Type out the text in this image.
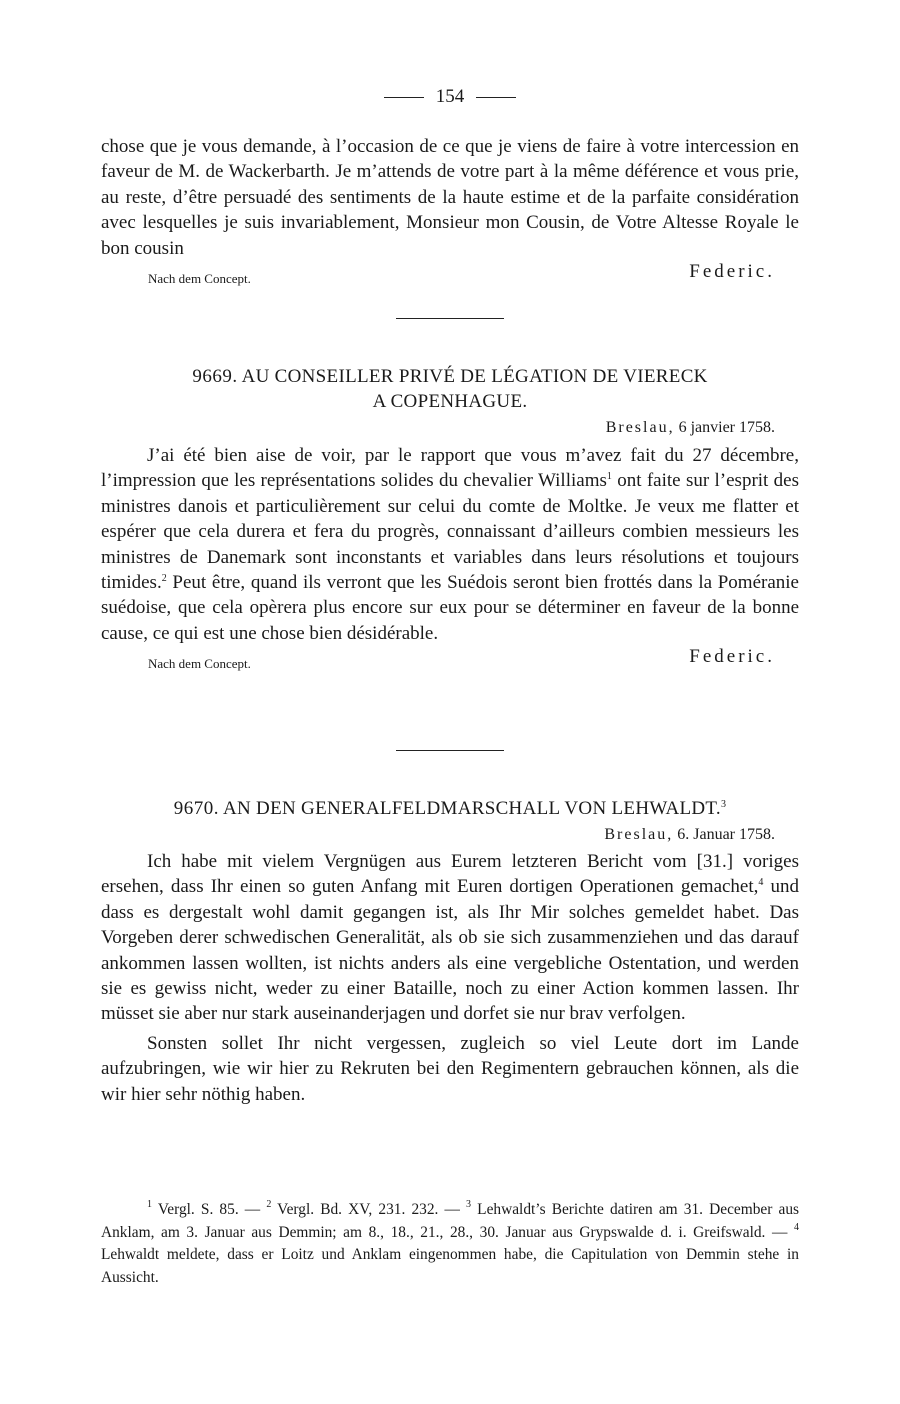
154

chose que je vous demande, à l’occasion de ce que je viens de faire à votre intercession en faveur de M. de Wackerbarth. Je m’attends de votre part à la même déférence et vous prie, au reste, d’être persuadé des sentiments de la haute estime et de la parfaite considération avec lesquelles je suis invariablement, Monsieur mon Cousin, de Votre Altesse Royale le bon cousin

Nach dem Concept.	Federic.
9669. AU CONSEILLER PRIVÉ DE LÉGATION DE VIERECK
A COPENHAGUE.
Breslau, 6 janvier 1758.

J’ai été bien aise de voir, par le rapport que vous m’avez fait du 27 décembre, l’impression que les représentations solides du chevalier Williams$^1$ ont faite sur l’esprit des ministres danois et particulièrement sur celui du comte de Moltke. Je veux me flatter et espérer que cela durera et fera du progrès, connaissant d’ailleurs combien messieurs les ministres de Danemark sont inconstants et variables dans leurs résolutions et toujours timides.$^2$ Peut être, quand ils verront que les Suédois seront bien frottés dans la Poméranie suédoise, que cela opèrera plus encore sur eux pour se déterminer en faveur de la bonne cause, ce qui est une chose bien désidérable.

Nach dem Concept.	Federic.
9670. AN DEN GENERALFELDMARSCHALL VON LEHWALDT.$^3$
Breslau, 6. Januar 1758.

Ich habe mit vielem Vergnügen aus Eurem letzteren Bericht vom [31.] voriges ersehen, dass Ihr einen so guten Anfang mit Euren dortigen Operationen gemachet,$^4$ und dass es dergestalt wohl damit gegangen ist, als Ihr Mir solches gemeldet habet. Das Vorgeben derer schwedischen Generalität, als ob sie sich zusammenziehen und das darauf ankommen lassen wollten, ist nichts anders als eine vergebliche Ostentation, und werden sie es gewiss nicht, weder zu einer Bataille, noch zu einer Action kommen lassen. Ihr müsset sie aber nur stark auseinanderjagen und dorfet sie nur brav verfolgen.

Sonsten sollet Ihr nicht vergessen, zugleich so viel Leute dort im Lande aufzubringen, wie wir hier zu Rekruten bei den Regimentern gebrauchen können, als die wir hier sehr nöthig haben.

$^1$ Vergl. S. 85. — $^2$ Vergl. Bd. XV, 231. 232. — $^3$ Lehwaldt’s Berichte datiren am 31. December aus Anklam, am 3. Januar aus Demmin; am 8., 18., 21., 28., 30. Januar aus Grypswalde d. i. Greifswald. — $^4$ Lehwaldt meldete, dass er Loitz und Anklam eingenommen habe, die Capitulation von Demmin stehe in Aussicht.
